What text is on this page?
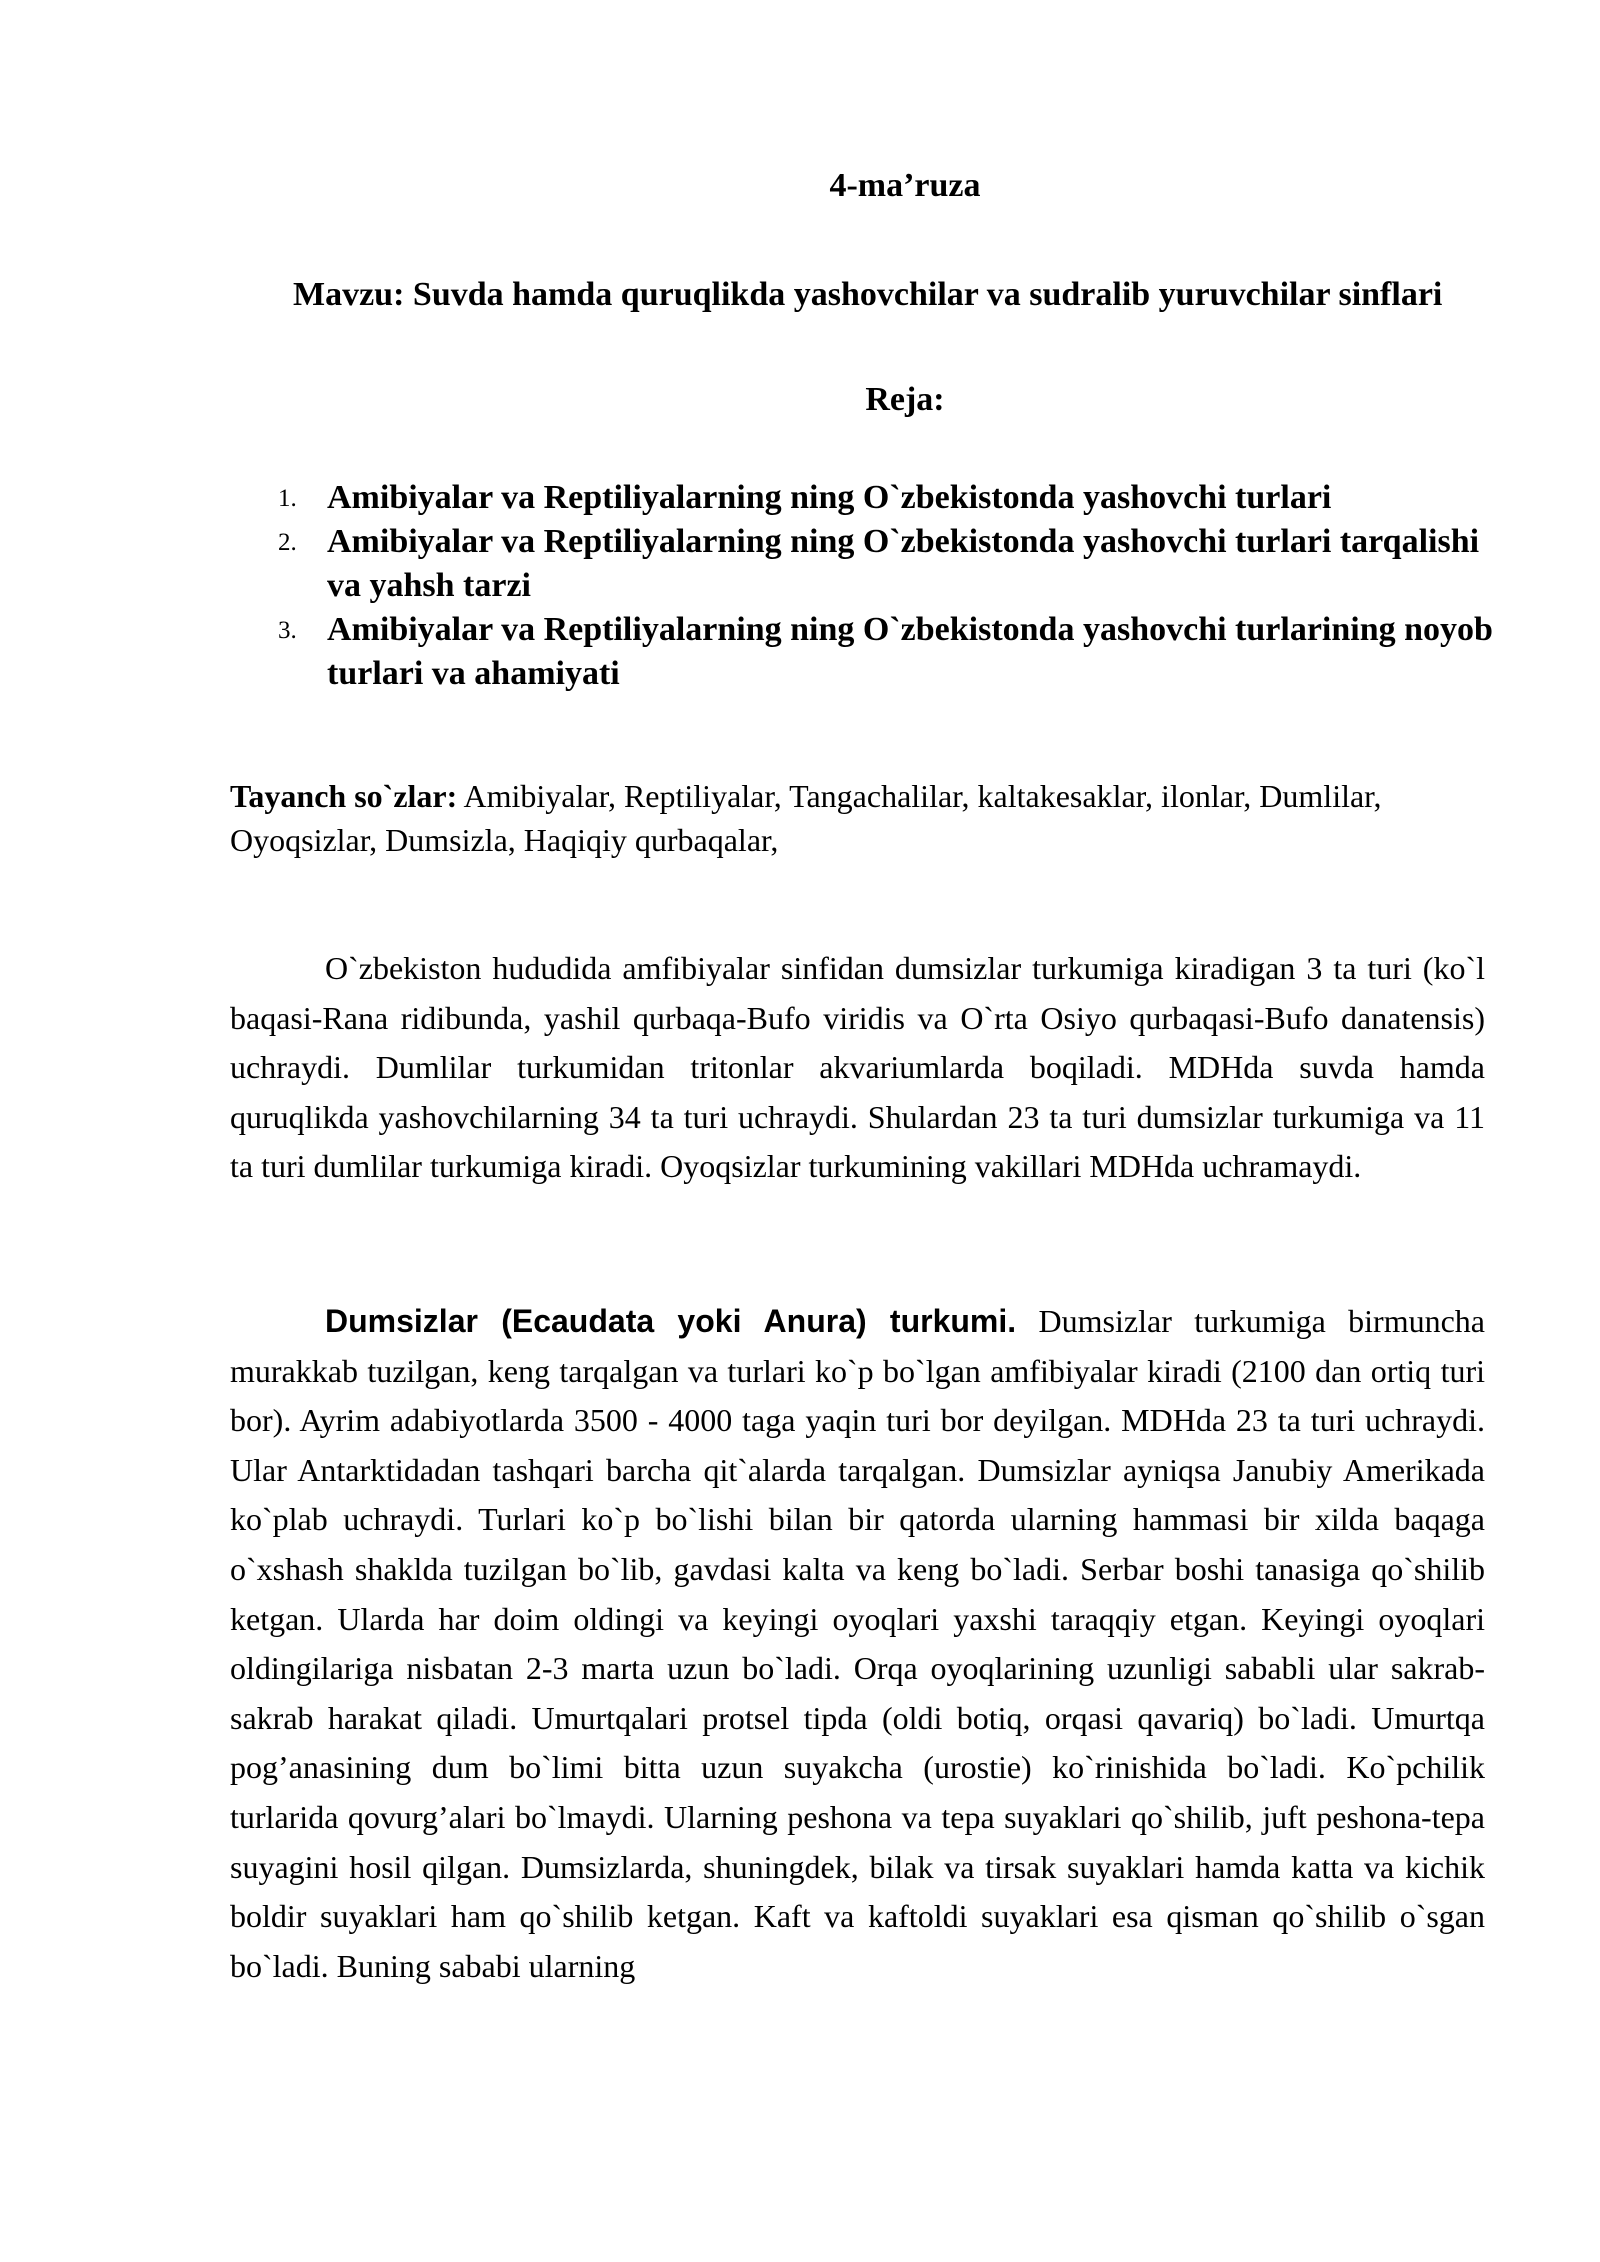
4-ma’ruza
Mavzu: Suvda hamda quruqlikda yashovchilar va sudralib yuruvchilar sinflari
Reja:
1. Amibiyalar va Reptiliyalarning ning O`zbekistonda yashovchi turlari
2. Amibiyalar va Reptiliyalarning ning O`zbekistonda yashovchi turlari tarqalishi va yahsh tarzi
3. Amibiyalar va Reptiliyalarning ning O`zbekistonda yashovchi turlarining noyob turlari va ahamiyati
Tayanch so`zlar: Amibiyalar, Reptiliyalar, Tangachalilar, kaltakesaklar, ilonlar, Dumlilar, Oyoqsizlar, Dumsizla, Haqiqiy qurbaqalar,

O`zbekiston hududida amfibiyalar sinfidan dumsizlar turkumiga kiradigan 3 ta turi (ko`l baqasi-Rana ridibunda, yashil qurbaqa-Bufo viridis va O`rta Osiyo qurbaqasi-Bufo danatensis) uchraydi. Dumlilar turkumidan tritonlar akvariumlarda boqiladi. MDHda suvda hamda quruqlikda yashovchilarning 34 ta turi uchraydi. Shulardan 23 ta turi dumsizlar turkumiga va 11 ta turi dumlilar turkumiga kiradi. Oyoqsizlar turkumining vakillari MDHda uchramaydi.

Dumsizlar (Ecaudata yoki Anura) turkumi. Dumsizlar turkumiga birmuncha murakkab tuzilgan, keng tarqalgan va turlari ko`p bo`lgan amfibiyalar kiradi (2100 dan ortiq turi bor). Ayrim adabiyotlarda 3500 - 4000 taga yaqin turi bor deyilgan. MDHda 23 ta turi uchraydi. Ular Antarktidadan tashqari barcha qit`alarda tarqalgan. Dumsizlar ayniqsa Janubiy Amerikada ko`plab uchraydi. Turlari ko`p bo`lishi bilan bir qatorda ularning hammasi bir xilda baqaga o`xshash shaklda tuzilgan bo`lib, gavdasi kalta va keng bo`ladi. Serbar boshi tanasiga qo`shilib ketgan. Ularda har doim oldingi va keyingi oyoqlari yaxshi taraqqiy etgan. Keyingi oyoqlari oldingilariga nisbatan 2-3 marta uzun bo`ladi. Orqa oyoqlarining uzunligi sababli ular sakrab-sakrab harakat qiladi. Umurtqalari protsel tipda (oldi botiq, orqasi qavariq) bo`ladi. Umurtqa pog’anasining dum bo`limi bitta uzun suyakcha (urostie) ko`rinishida bo`ladi. Ko`pchilik turlarida qovurg’alari bo`lmaydi. Ularning peshona va tepa suyaklari qo`shilib, juft peshona-tepa suyagini hosil qilgan. Dumsizlarda, shuningdek, bilak va tirsak suyaklari hamda katta va kichik boldir suyaklari ham qo`shilib ketgan. Kaft va kaftoldi suyaklari esa qisman qo`shilib o`sgan bo`ladi. Buning sababi ularning
